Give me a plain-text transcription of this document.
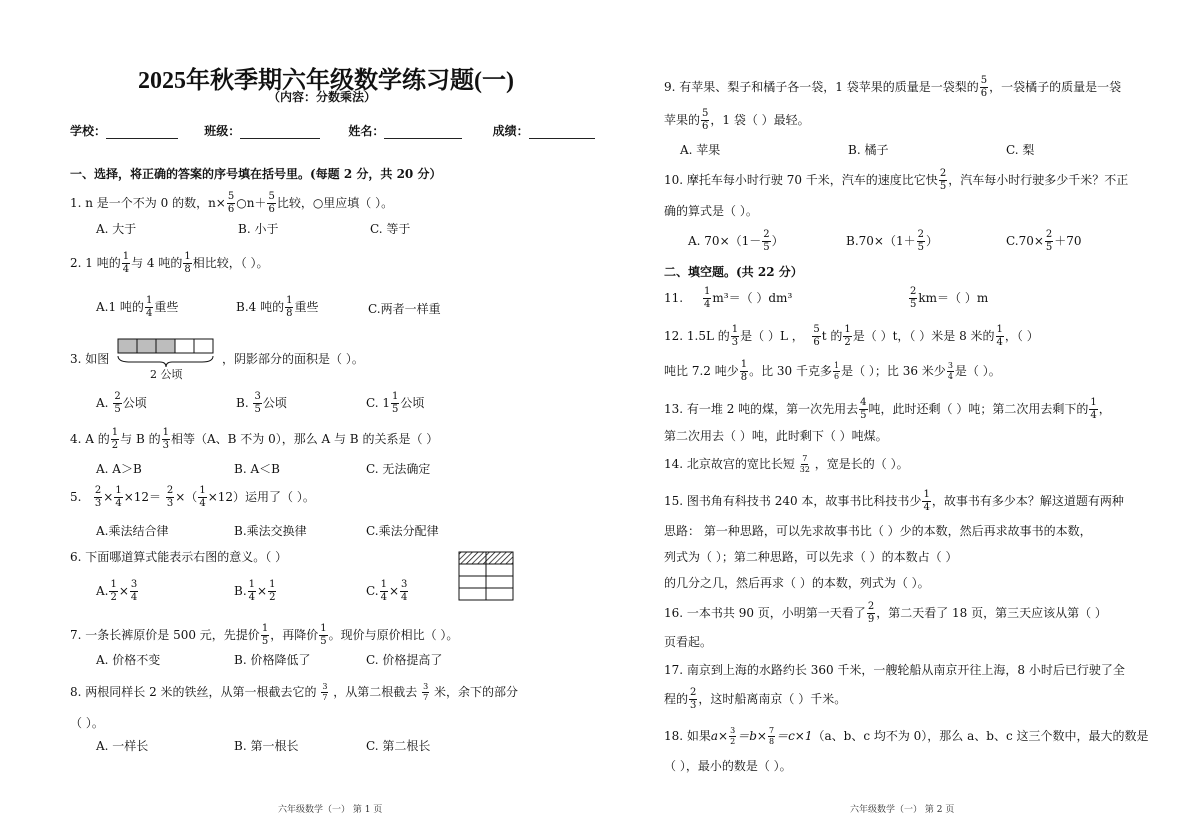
2025年秋季期六年级数学练习题(一)
（内容：分数乘法）
学校：	班级：	姓名：	成绩：
一、选择，将正确的答案的序号填在括号里。(每题 2 分，共 20 分）
1. n 是一个不为 0 的数，$n\times \frac{5}{6}$ ○n＋ $\frac{5}{6}$ 比较，○里应填（ ）。
A. 大于	B. 小于	C. 等于
2. 1 吨的 $\frac{1}{4}$ 与 4 吨的 $\frac{1}{8}$ 相比较，（ ）。
A.1 吨的 $\frac{1}{4}$ 重些	B.4 吨的 $\frac{1}{8}$ 重些	C.两者一样重
3. 如图
2 公顷
，阴影部分的面积是（ ）。
A. $\frac{2}{5}$ 公顷	B. $\frac{3}{5}$ 公顷	C. $1 \frac{1}{5}$ 公顷
4. A 的 $\frac{1}{2}$ 与 B 的 $\frac{1}{3}$ 相等（A、B 不为 0），那么 A 与 B 的关系是（ ）
A. A＞B	B. A＜B	C. 无法确定
5. $\frac{2}{3} \times \frac{1}{4} \times 12= \frac{2}{3}$ ×（ $\frac{1}{4} \times 12$）运用了（ ）。
A.乘法结合律	B.乘法交换律	C.乘法分配律
6. 下面哪道算式能表示右图的意义。（ ）
A. $\frac{1}{2} \times \frac{3}{4}$	B. $\frac{1}{4} \times \frac{1}{2}$	C. $\frac{1}{4} \times \frac{3}{4}$
7. 一条长裤原价是 500 元，先提价 $\frac{1}{5}$ ，再降价 $\frac{1}{5}$ 。现价与原价相比（ ）。
A. 价格不变	B. 价格降低了	C. 价格提高了
8. 两根同样长 2 米的铁丝，从第一根截去它的 $\frac{3}{7}$ ，从第二根截去 $\frac{3}{7}$ 米，余下的部分
（ ）。
A. 一样长	B. 第一根长	C. 第二根长
六年级数学（一） 第 1 页
9. 有苹果、梨子和橘子各一袋，1 袋苹果的质量是一袋梨的 $\frac{5}{6}$ ，一袋橘子的质量是一袋
苹果的 $\frac{5}{6}$ ，1 袋（ ）最轻。
A. 苹果	B. 橘子	C. 梨
10. 摩托车每小时行驶 70 千米，汽车的速度比它快 $\frac{2}{5}$ ，汽车每小时行驶多少千米？不正
确的算式是（ ）。
A. $70\times(1- \frac{2}{5}$ ）	$B.70\times(1+ \frac{2}{5}$ ）	$C.70\times \frac{2}{5} +70$
二、填空题。(共 22 分）
11. $\frac{1}{4} m^3=$（ ）dm³	$\frac{2}{5} km=$（ ）m
12. 1.5L 的 $\frac{1}{3}$ 是（ ）L ， $\frac{5}{6}$ t 的 $\frac{1}{2}$ 是（ ）t，（ ）米是 8 米的 $\frac{1}{4}$ ，（ ）
吨比 7.2 吨少 $\frac{1}{8}$ 。比 30 千克多 $\frac{1}{6}$ 是（ ）；比 36 米少 $\frac{3}{4}$ 是（ ）。
13. 有一堆 2 吨的煤，第一次先用去 $\frac{4}{5}$ 吨，此时还剩（ ）吨；第二次用去剩下的 $\frac{1}{4}$ ，
第二次用去（ ）吨，此时剩下（ ）吨煤。
14. 北京故宫的宽比长短 $\frac{7}{32}$ ，宽是长的（ ）。
15. 图书角有科技书 240 本，故事书比科技书少 $\frac{1}{4}$ ，故事书有多少本？解这道题有两种
思路： 第一种思路，可以先求故事书比（ ）少的本数，然后再求故事书的本数，
列式为（ ）；第二种思路，可以先求（ ）的本数占（ ）
的几分之几，然后再求（ ）的本数，列式为（ ）。
16. 一本书共 90 页，小明第一天看了 $\frac{2}{9}$ ，第二天看了 18 页，第三天应该从第（ ）
页看起。
17. 南京到上海的水路约长 360 千米，一艘轮船从南京开往上海，8 小时后已行驶了全
程的 $\frac{2}{3}$ ，这时船离南京（ ）千米。
18. 如果$a\times \frac{3}{2} =b\times \frac{7}{8} =c\times 1(a$、b、c 均不为 0），那么 a、b、c 这三个数中，最大的数是
（ ），最小的数是（ ）。
六年级数学（一） 第 2 页
